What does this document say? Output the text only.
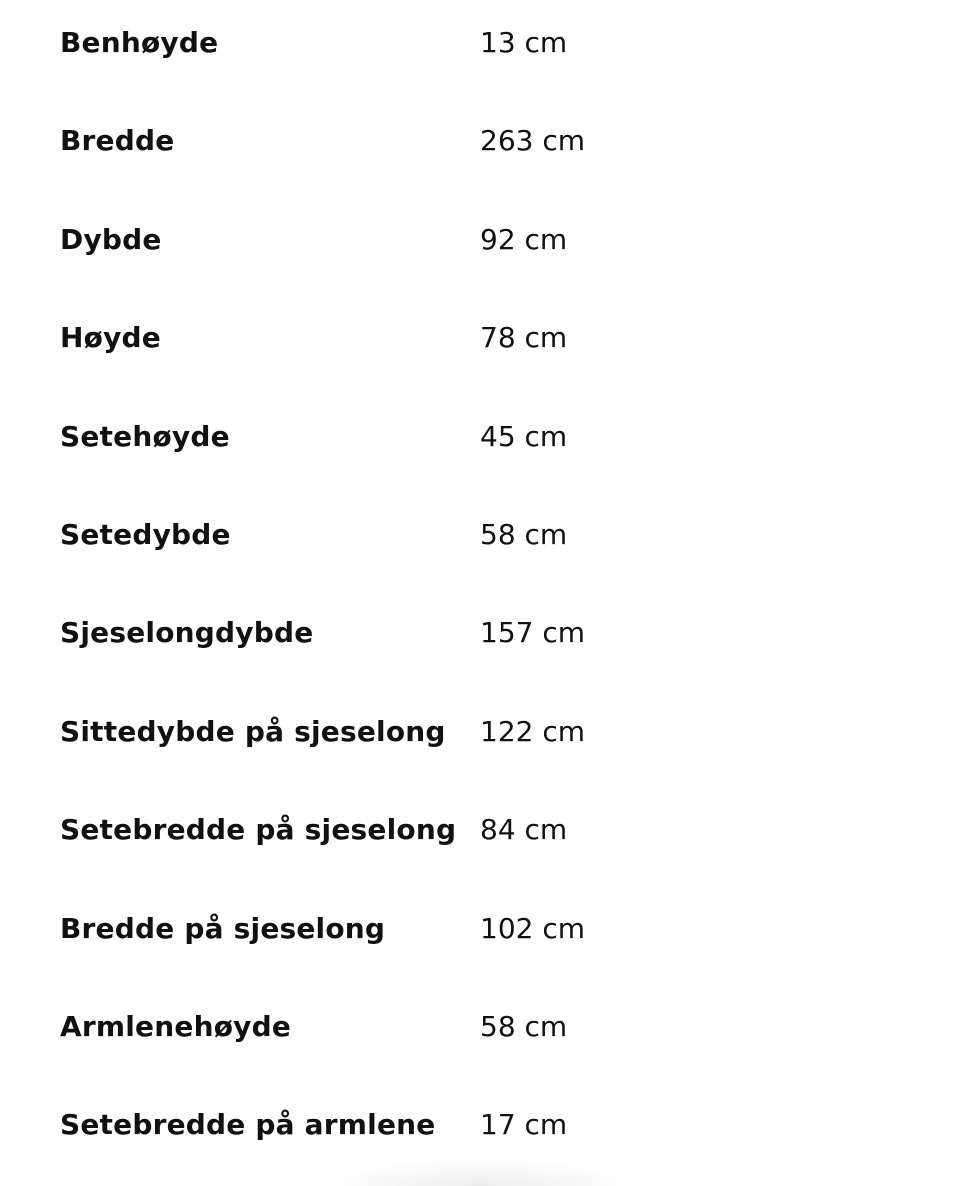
Benhøyde	13 cm
Bredde	263 cm
Dybde	92 cm
Høyde	78 cm
Setehøyde	45 cm
Setedybde	58 cm
Sjeselongdybde	157 cm
Sittedybde på sjeselong 122 cm
Setebredde på sjeselong 84 cm
Bredde på sjeselong	102 cm
Armlenehøyde	58 cm
Setebredde på armlene 17 cm
